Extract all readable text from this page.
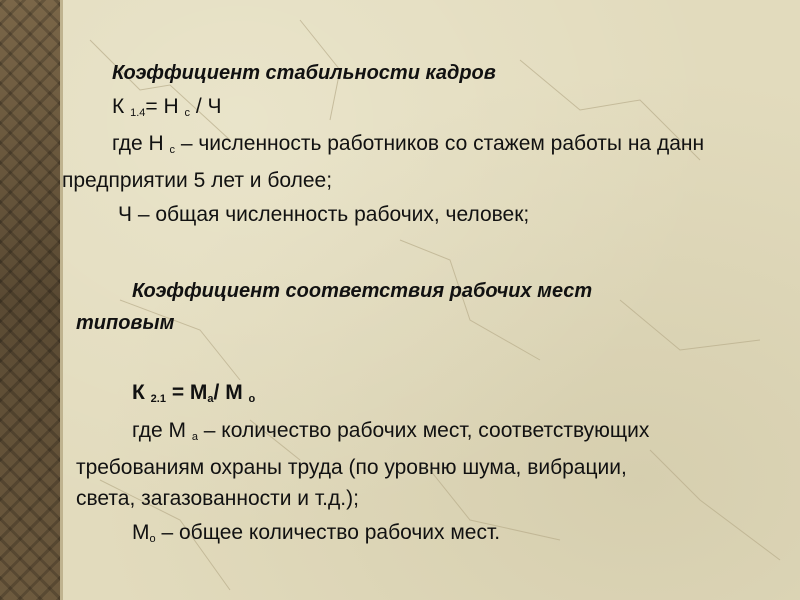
Коэффициент стабильности кадров
К $_{1.4}$= Н $_с$ / Ч
где Н $_с$ – численность работников со стажем работы на данн
предприятии 5 лет и более;
Ч – общая численность рабочих, человек;
Коэффициент соответствия рабочих мест
типовым
К $_{2.1} = М_а/$ М $_о$
где М $_а$ – количество рабочих мест, соответствующих
требованиям охраны труда (по уровню шума, вибрации,
света, загазованности и т.д.);
$М_о$ – общее количество рабочих мест.
